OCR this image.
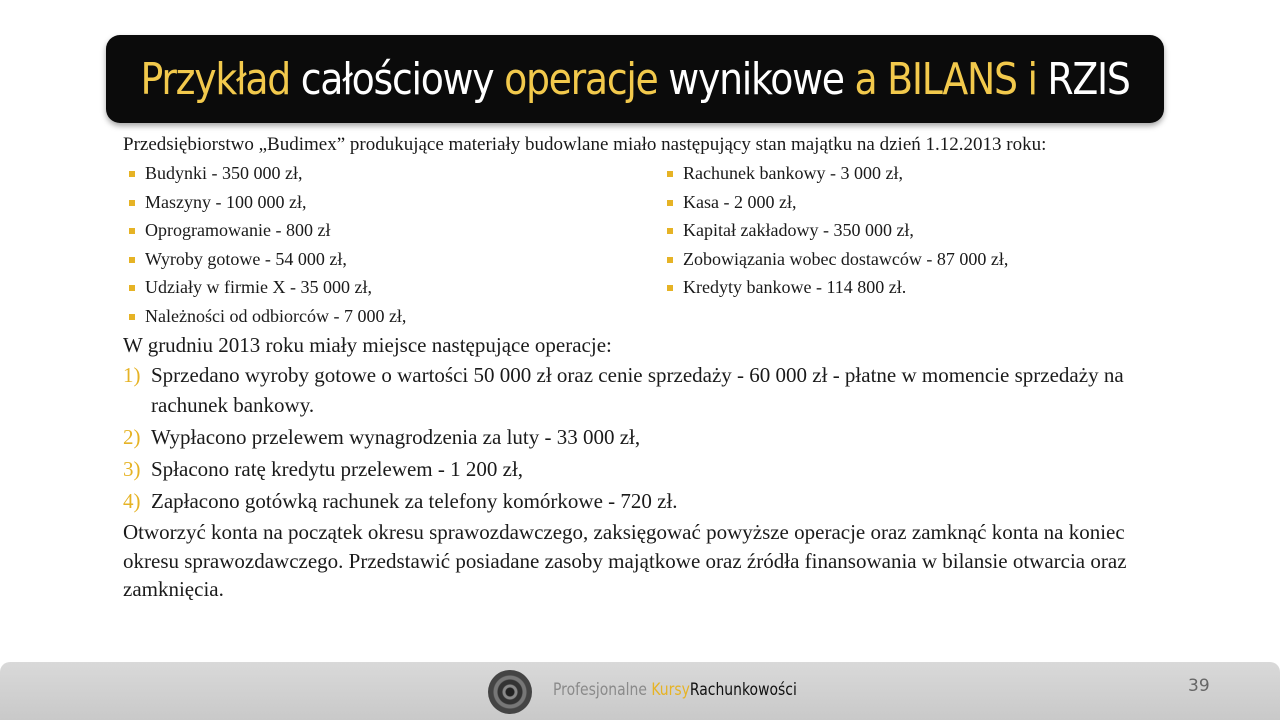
Przykład całościowy operacje wynikowe a BILANS i RZIS

Przedsiębiorstwo „Budimex” produkujące materiały budowlane miało następujący stan majątku na dzień 1.12.2013 roku:

Budynki - 350 000 zł,
Maszyny - 100 000 zł,
Oprogramowanie - 800 zł
Wyroby gotowe - 54 000 zł,
Udziały w firmie X - 35 000 zł,
Należności od odbiorców - 7 000 zł,
Rachunek bankowy - 3 000 zł,
Kasa - 2 000 zł,
Kapitał zakładowy - 350 000 zł,
Zobowiązania wobec dostawców - 87 000 zł,
Kredyty bankowe - 114 800 zł.

W grudniu 2013 roku miały miejsce następujące operacje:

1) Sprzedano wyroby gotowe o wartości 50 000 zł oraz cenie sprzedaży - 60 000 zł - płatne w momencie sprzedaży na rachunek bankowy.
2) Wypłacono przelewem wynagrodzenia za luty - 33 000 zł,
3) Spłacono ratę kredytu przelewem - 1 200 zł,
4) Zapłacono gotówką rachunek za telefony komórkowe - 720 zł.

Otworzyć konta na początek okresu sprawozdawczego, zaksięgować powyższe operacje oraz zamknąć konta na koniec okresu sprawozdawczego. Przedstawić posiadane zasoby majątkowe oraz źródła finansowania w bilansie otwarcia oraz zamknięcia.

Profesjonalne KursyRachunkowości	39
